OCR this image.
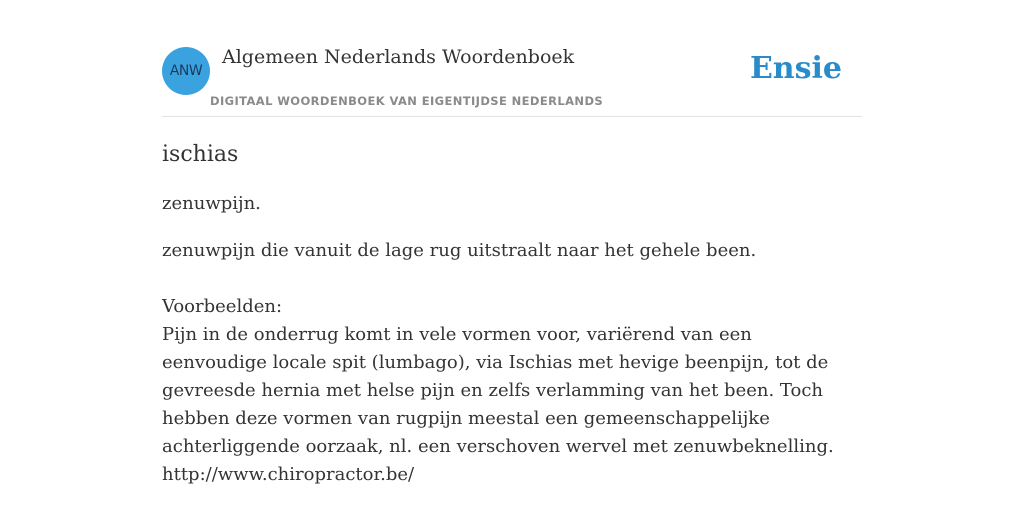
ANW
Algemeen Nederlands Woordenboek
DIGITAAL WOORDENBOEK VAN EIGENTIJDSE NEDERLANDS
Ensie
ischias

zenuwpijn.

zenuwpijn die vanuit de lage rug uitstraalt naar het gehele been.

Voorbeelden:
Pijn in de onderrug komt in vele vormen voor, variërend van een eenvoudige locale spit (lumbago), via Ischias met hevige beenpijn, tot de gevreesde hernia met helse pijn en zelfs verlamming van het been. Toch hebben deze vormen van rugpijn meestal een gemeenschappelijke achterliggende oorzaak, nl. een verschoven wervel met zenuwbeknelling.
http://www.chiropractor.be/
